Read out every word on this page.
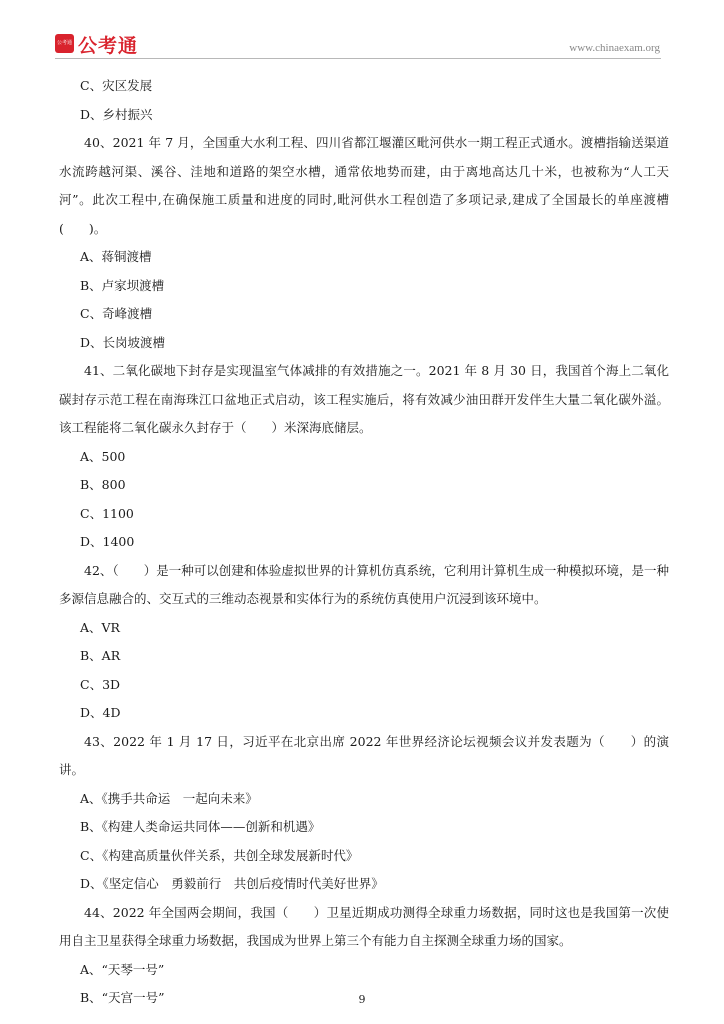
公考通 公考通	www.chinaexam.org

C、灾区发展

D、乡村振兴

40、2021 年 7 月，全国重大水利工程、四川省都江堰灌区毗河供水一期工程正式通水。渡槽指输送渠道水流跨越河渠、溪谷、洼地和道路的架空水槽，通常依地势而建，由于离地高达几十米，也被称为“人工天河”。此次工程中,在确保施工质量和进度的同时,毗河供水工程创造了多项记录,建成了全国最长的单座渡槽(　　)。

A、蒋铜渡槽

B、卢家坝渡槽

C、奇峰渡槽

D、长岗坡渡槽

41、二氧化碳地下封存是实现温室气体减排的有效措施之一。2021 年 8 月 30 日，我国首个海上二氧化碳封存示范工程在南海珠江口盆地正式启动，该工程实施后，将有效减少油田群开发伴生大量二氧化碳外溢。该工程能将二氧化碳永久封存于（　　）米深海底储层。

A、500

B、800

C、1100

D、1400

42、（　　）是一种可以创建和体验虚拟世界的计算机仿真系统，它利用计算机生成一种模拟环境，是一种多源信息融合的、交互式的三维动态视景和实体行为的系统仿真使用户沉浸到该环境中。

A、VR

B、AR

C、3D

D、4D

43、2022 年 1 月 17 日，习近平在北京出席 2022 年世界经济论坛视频会议并发表题为（　　）的演讲。

A、《携手共命运　一起向未来》

B、《构建人类命运共同体——创新和机遇》

C、《构建高质量伙伴关系，共创全球发展新时代》

D、《坚定信心　勇毅前行　共创后疫情时代美好世界》

44、2022 年全国两会期间，我国（　　）卫星近期成功测得全球重力场数据，同时这也是我国第一次使用自主卫星获得全球重力场数据，我国成为世界上第三个有能力自主探测全球重力场的国家。

A、“天琴一号”

B、“天宫一号”	9
